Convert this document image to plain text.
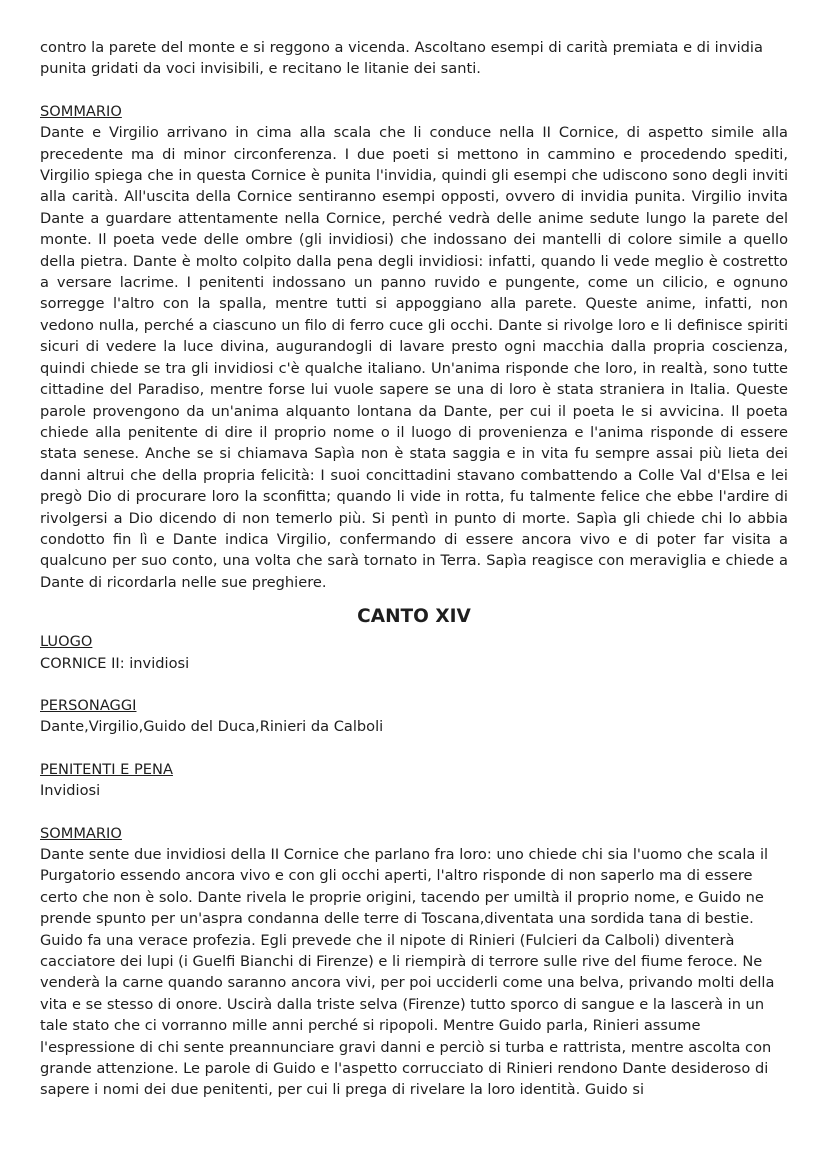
contro la parete del monte e si reggono a vicenda. Ascoltano esempi di carità premiata e di invidia punita gridati da voci invisibili, e recitano le litanie dei santi.

SOMMARIO

Dante e Virgilio arrivano in cima alla scala che li conduce nella II Cornice, di aspetto simile alla precedente ma di minor circonferenza. I due poeti si mettono in cammino e procedendo spediti, Virgilio spiega che in questa Cornice è punita l'invidia, quindi gli esempi che udiscono sono degli inviti alla carità. All'uscita della Cornice sentiranno esempi opposti, ovvero di invidia punita. Virgilio invita Dante a guardare attentamente nella Cornice, perché vedrà delle anime sedute lungo la parete del monte. Il poeta vede delle ombre (gli invidiosi) che indossano dei mantelli di colore simile a quello della pietra. Dante è molto colpito dalla pena degli invidiosi: infatti, quando li vede meglio è costretto a versare lacrime. I penitenti indossano un panno ruvido e pungente, come un cilicio, e ognuno sorregge l'altro con la spalla, mentre tutti si appoggiano alla parete. Queste anime, infatti, non vedono nulla, perché a ciascuno un filo di ferro cuce gli occhi. Dante si rivolge loro e li definisce spiriti sicuri di vedere la luce divina, augurandogli di lavare presto ogni macchia dalla propria coscienza, quindi chiede se tra gli invidiosi c'è qualche italiano. Un'anima risponde che loro, in realtà, sono tutte cittadine del Paradiso, mentre forse lui vuole sapere se una di loro è stata straniera in Italia. Queste parole provengono da un'anima alquanto lontana da Dante, per cui il poeta le si avvicina. Il poeta chiede alla penitente di dire il proprio nome o il luogo di provenienza e l'anima risponde di essere stata senese. Anche se si chiamava Sapìa non è stata saggia e in vita fu sempre assai più lieta dei danni altrui che della propria felicità: I suoi concittadini stavano combattendo a Colle Val d'Elsa e lei pregò Dio di procurare loro la sconfitta; quando li vide in rotta, fu talmente felice che ebbe l'ardire di rivolgersi a Dio dicendo di non temerlo più. Si pentì in punto di morte. Sapìa gli chiede chi lo abbia condotto fin lì e Dante indica Virgilio, confermando di essere ancora vivo e di poter far visita a qualcuno per suo conto, una volta che sarà tornato in Terra. Sapìa reagisce con meraviglia e chiede a Dante di ricordarla nelle sue preghiere.

CANTO XIV

LUOGO

CORNICE II: invidiosi

PERSONAGGI

Dante,Virgilio,Guido del Duca,Rinieri da Calboli

PENITENTI E PENA

Invidiosi

SOMMARIO

Dante sente due invidiosi della II Cornice che parlano fra loro: uno chiede chi sia l'uomo che scala il Purgatorio essendo ancora vivo e con gli occhi aperti, l'altro risponde di non saperlo ma di essere certo che non è solo. Dante rivela le proprie origini, tacendo per umiltà il proprio nome, e Guido ne prende spunto per un'aspra condanna delle terre di Toscana,diventata una sordida tana di bestie. Guido fa una verace profezia. Egli prevede che il nipote di Rinieri (Fulcieri da Calboli) diventerà cacciatore dei lupi (i Guelfi Bianchi di Firenze) e li riempirà di terrore sulle rive del fiume feroce. Ne venderà la carne quando saranno ancora vivi, per poi ucciderli come una belva, privando molti della vita e se stesso di onore. Uscirà dalla triste selva (Firenze) tutto sporco di sangue e la lascerà in un tale stato che ci vorranno mille anni perché si ripopoli. Mentre Guido parla, Rinieri assume l'espressione di chi sente preannunciare gravi danni e perciò si turba e rattrista, mentre ascolta con grande attenzione. Le parole di Guido e l'aspetto corrucciato di Rinieri rendono Dante desideroso di sapere i nomi dei due penitenti, per cui li prega di rivelare la loro identità. Guido si
